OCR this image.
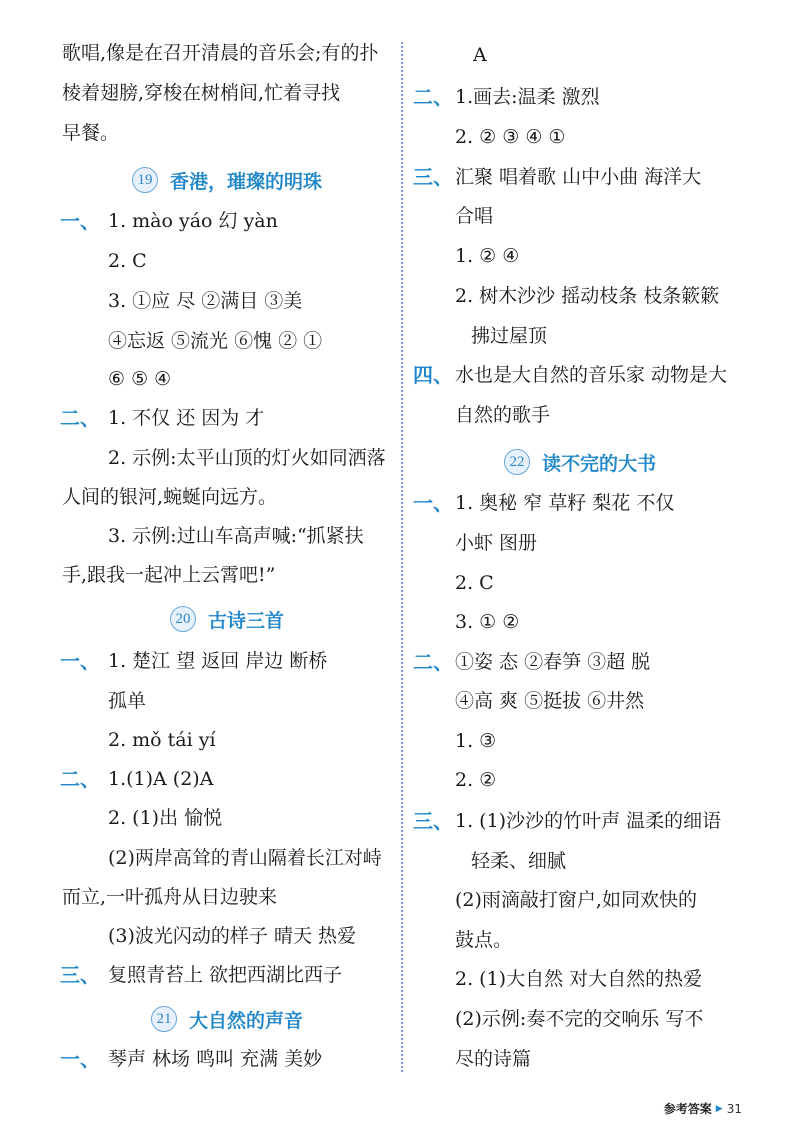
歌唱,像是在召开清晨的音乐会;有的扑
棱着翅膀,穿梭在树梢间,忙着寻找
早餐。
19 香港，璀璨的明珠
一、 1. mào yáo 幻 yàn
2. C
3. ①应 尽 ②满目 ③美
④忘返 ⑤流光 ⑥愧 ② ①
⑥ ⑤ ④
二、 1. 不仅 还 因为 才
2. 示例:太平山顶的灯火如同洒落
人间的银河,蜿蜒向远方。
3. 示例:过山车高声喊:“抓紧扶
手,跟我一起冲上云霄吧!”
20 古诗三首
一、 1. 楚江 望 返回 岸边 断桥
孤单
2. mǒ tái yí
二、 1.(1)A (2)A
2. (1)出 愉悦
(2)两岸高耸的青山隔着长江对峙
而立,一叶孤舟从日边驶来
(3)波光闪动的样子 晴天 热爱
三、 复照青苔上 欲把西湖比西子
21 大自然的声音
一、 琴声 林场 鸣叫 充满 美妙
A
二、 1.画去:温柔 激烈
2. ② ③ ④ ①
三、 汇聚 唱着歌 山中小曲 海洋大
合唱
1. ② ④
2. 树木沙沙 摇动枝条 枝条簌簌
拂过屋顶
四、 水也是大自然的音乐家 动物是大
自然的歌手
22 读不完的大书
一、 1. 奥秘 窄 草籽 梨花 不仅
小虾 图册
2. C
3. ① ②
二、 ①姿 态 ②春笋 ③超 脱
④高 爽 ⑤挺拔 ⑥井然
1. ③
2. ②
三、 1. (1)沙沙的竹叶声 温柔的细语
轻柔、细腻
(2)雨滴敲打窗户,如同欢快的
鼓点。
2. (1)大自然 对大自然的热爱
(2)示例:奏不完的交响乐 写不
尽的诗篇
参考答案 ▶ 31
